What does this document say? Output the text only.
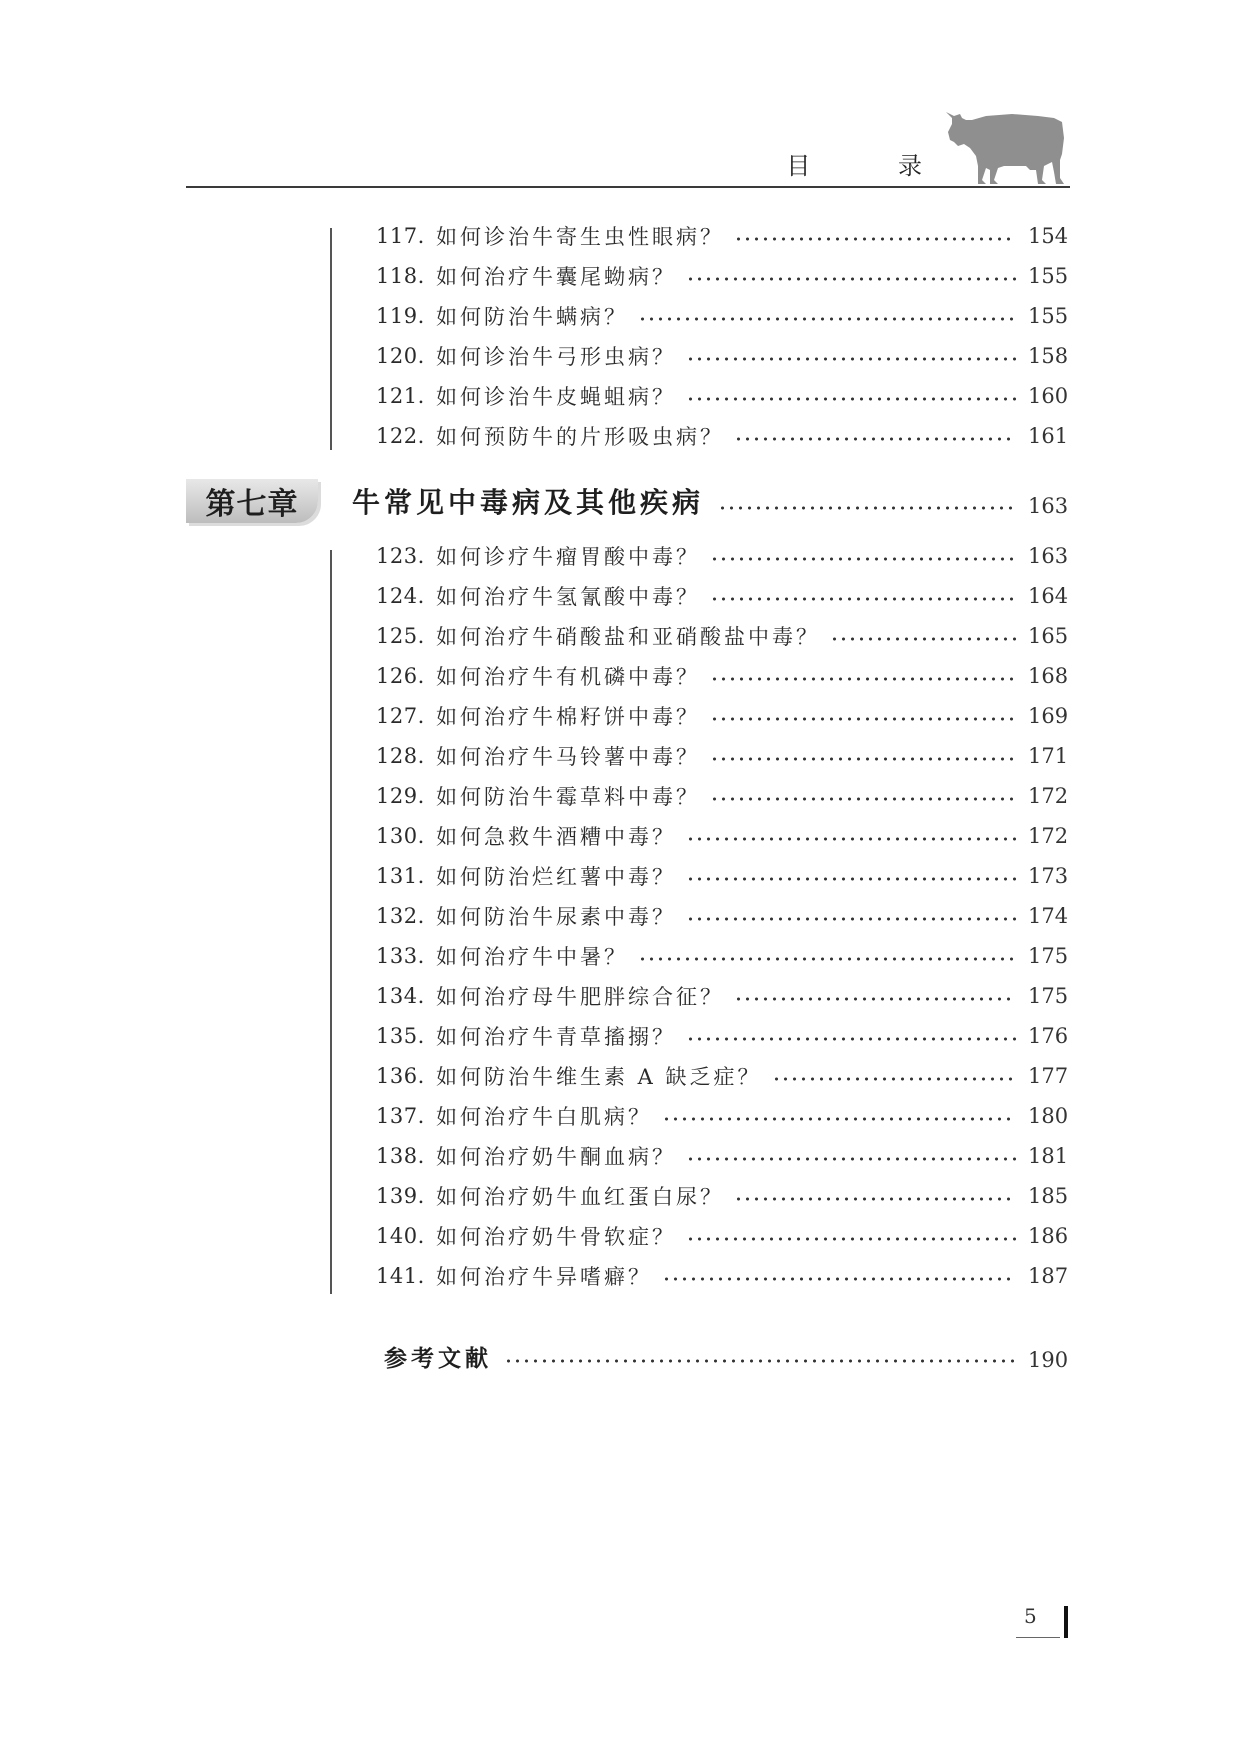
目 录
117. 如何诊治牛寄生虫性眼病？	154
118. 如何治疗牛囊尾蚴病？	155
119. 如何防治牛螨病？	155
120. 如何诊治牛弓形虫病？	158
121. 如何诊治牛皮蝇蛆病？	160
122. 如何预防牛的片形吸虫病？	161
第七章	牛常见中毒病及其他疾病	163
123. 如何诊疗牛瘤胃酸中毒？	163
124. 如何治疗牛氢氰酸中毒？	164
125. 如何治疗牛硝酸盐和亚硝酸盐中毒？	165
126. 如何治疗牛有机磷中毒？	168
127. 如何治疗牛棉籽饼中毒？	169
128. 如何治疗牛马铃薯中毒？	171
129. 如何防治牛霉草料中毒？	172
130. 如何急救牛酒糟中毒？	172
131. 如何防治烂红薯中毒？	173
132. 如何防治牛尿素中毒？	174
133. 如何治疗牛中暑？	175
134. 如何治疗母牛肥胖综合征？	175
135. 如何治疗牛青草搐搦？	176
136. 如何防治牛维生素 A 缺乏症？	177
137. 如何治疗牛白肌病？	180
138. 如何治疗奶牛酮血病？	181
139. 如何治疗奶牛血红蛋白尿？	185
140. 如何治疗奶牛骨软症？	186
141. 如何治疗牛异嗜癖？	187
参考文献	190
5
